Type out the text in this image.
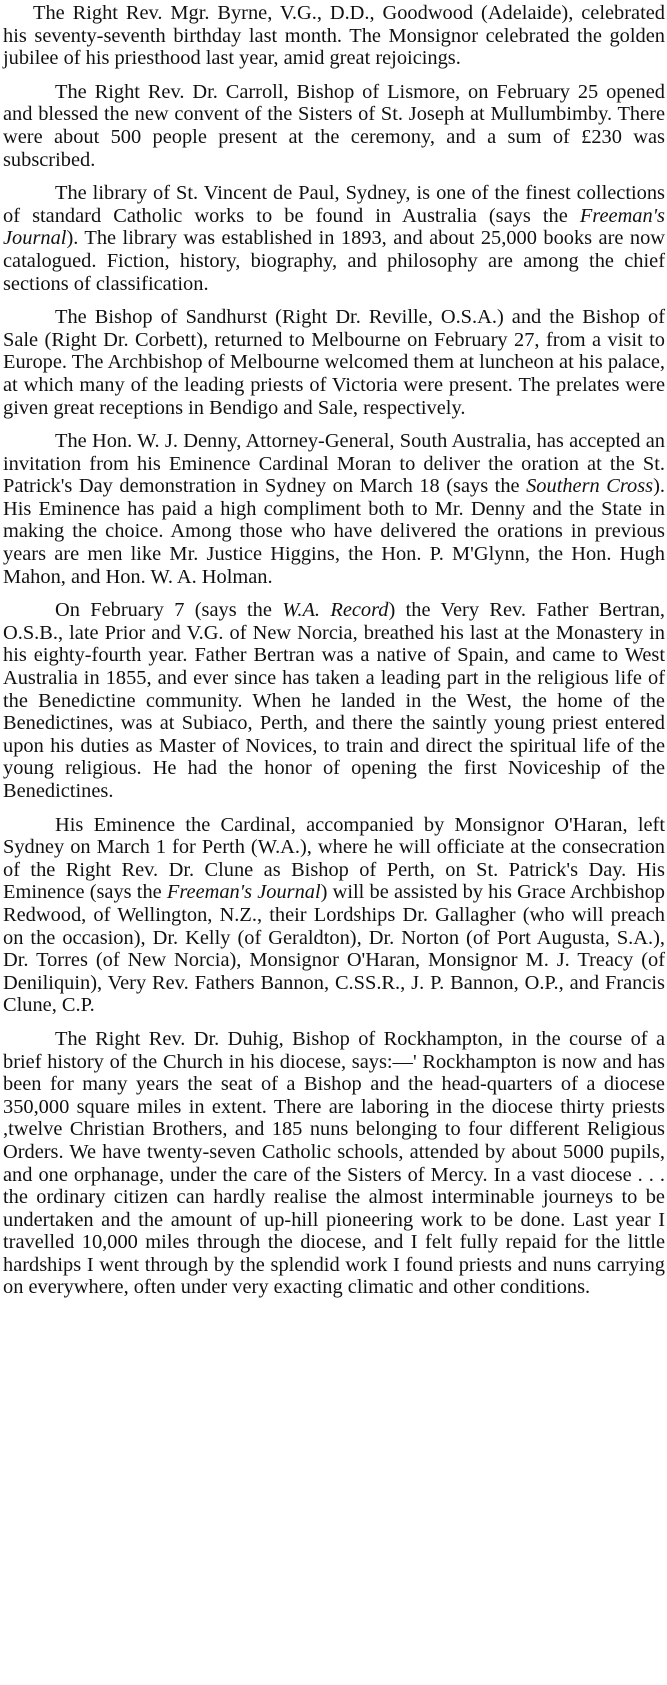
The Right Rev. Mgr. Byrne, V.G., D.D., Goodwood (Adelaide), celebrated his seventy-seventh birthday last month. The Monsignor celebrated the golden jubilee of his priesthood last year, amid great rejoicings.

The Right Rev. Dr. Carroll, Bishop of Lismore, on February 25 opened and blessed the new convent of the Sisters of St. Joseph at Mullumbimby. There were about 500 people present at the ceremony, and a sum of £230 was subscribed.

The library of St. Vincent de Paul, Sydney, is one of the finest collections of standard Catholic works to be found in Australia (says the Freeman's Journal). The library was established in 1893, and about 25,000 books are now catalogued. Fiction, history, biography, and philosophy are among the chief sections of classification.

The Bishop of Sandhurst (Right Dr. Reville, O.S.A.) and the Bishop of Sale (Right Dr. Corbett), returned to Melbourne on February 27, from a visit to Europe. The Archbishop of Melbourne welcomed them at luncheon at his palace, at which many of the leading priests of Victoria were present. The prelates were given great receptions in Bendigo and Sale, respectively.

The Hon. W. J. Denny, Attorney-General, South Australia, has accepted an invitation from his Eminence Cardinal Moran to deliver the oration at the St. Patrick's Day demonstration in Sydney on March 18 (says the Southern Cross). His Eminence has paid a high compliment both to Mr. Denny and the State in making the choice. Among those who have delivered the orations in previous years are men like Mr. Justice Higgins, the Hon. P. M'Glynn, the Hon. Hugh Mahon, and Hon. W. A. Holman.

On February 7 (says the W.A. Record) the Very Rev. Father Bertran, O.S.B., late Prior and V.G. of New Norcia, breathed his last at the Monastery in his eighty-fourth year. Father Bertran was a native of Spain, and came to West Australia in 1855, and ever since has taken a leading part in the religious life of the Benedictine community. When he landed in the West, the home of the Benedictines, was at Subiaco, Perth, and there the saintly young priest entered upon his duties as Master of Novices, to train and direct the spiritual life of the young religious. He had the honor of opening the first Noviceship of the Benedictines.

His Eminence the Cardinal, accompanied by Monsignor O'Haran, left Sydney on March 1 for Perth (W.A.), where he will officiate at the consecration of the Right Rev. Dr. Clune as Bishop of Perth, on St. Patrick's Day. His Eminence (says the Freeman's Journal) will be assisted by his Grace Archbishop Redwood, of Wellington, N.Z., their Lordships Dr. Gallagher (who will preach on the occasion), Dr. Kelly (of Geraldton), Dr. Norton (of Port Augusta, S.A.), Dr. Torres (of New Norcia), Monsignor O'Haran, Monsignor M. J. Treacy (of Deniliquin), Very Rev. Fathers Bannon, C.SS.R., J. P. Bannon, O.P., and Francis Clune, C.P.

The Right Rev. Dr. Duhig, Bishop of Rockhampton, in the course of a brief history of the Church in his diocese, says:—' Rockhampton is now and has been for many years the seat of a Bishop and the head-quarters of a diocese 350,000 square miles in extent. There are laboring in the diocese thirty priests ,twelve Christian Brothers, and 185 nuns belonging to four different Religious Orders. We have twenty-seven Catholic schools, attended by about 5000 pupils, and one orphanage, under the care of the Sisters of Mercy. In a vast diocese . . . the ordinary citizen can hardly realise the almost interminable journeys to be undertaken and the amount of up-hill pioneering work to be done. Last year I travelled 10,000 miles through the diocese, and I felt fully repaid for the little hardships I went through by the splendid work I found priests and nuns carrying on everywhere, often under very exacting climatic and other conditions.
